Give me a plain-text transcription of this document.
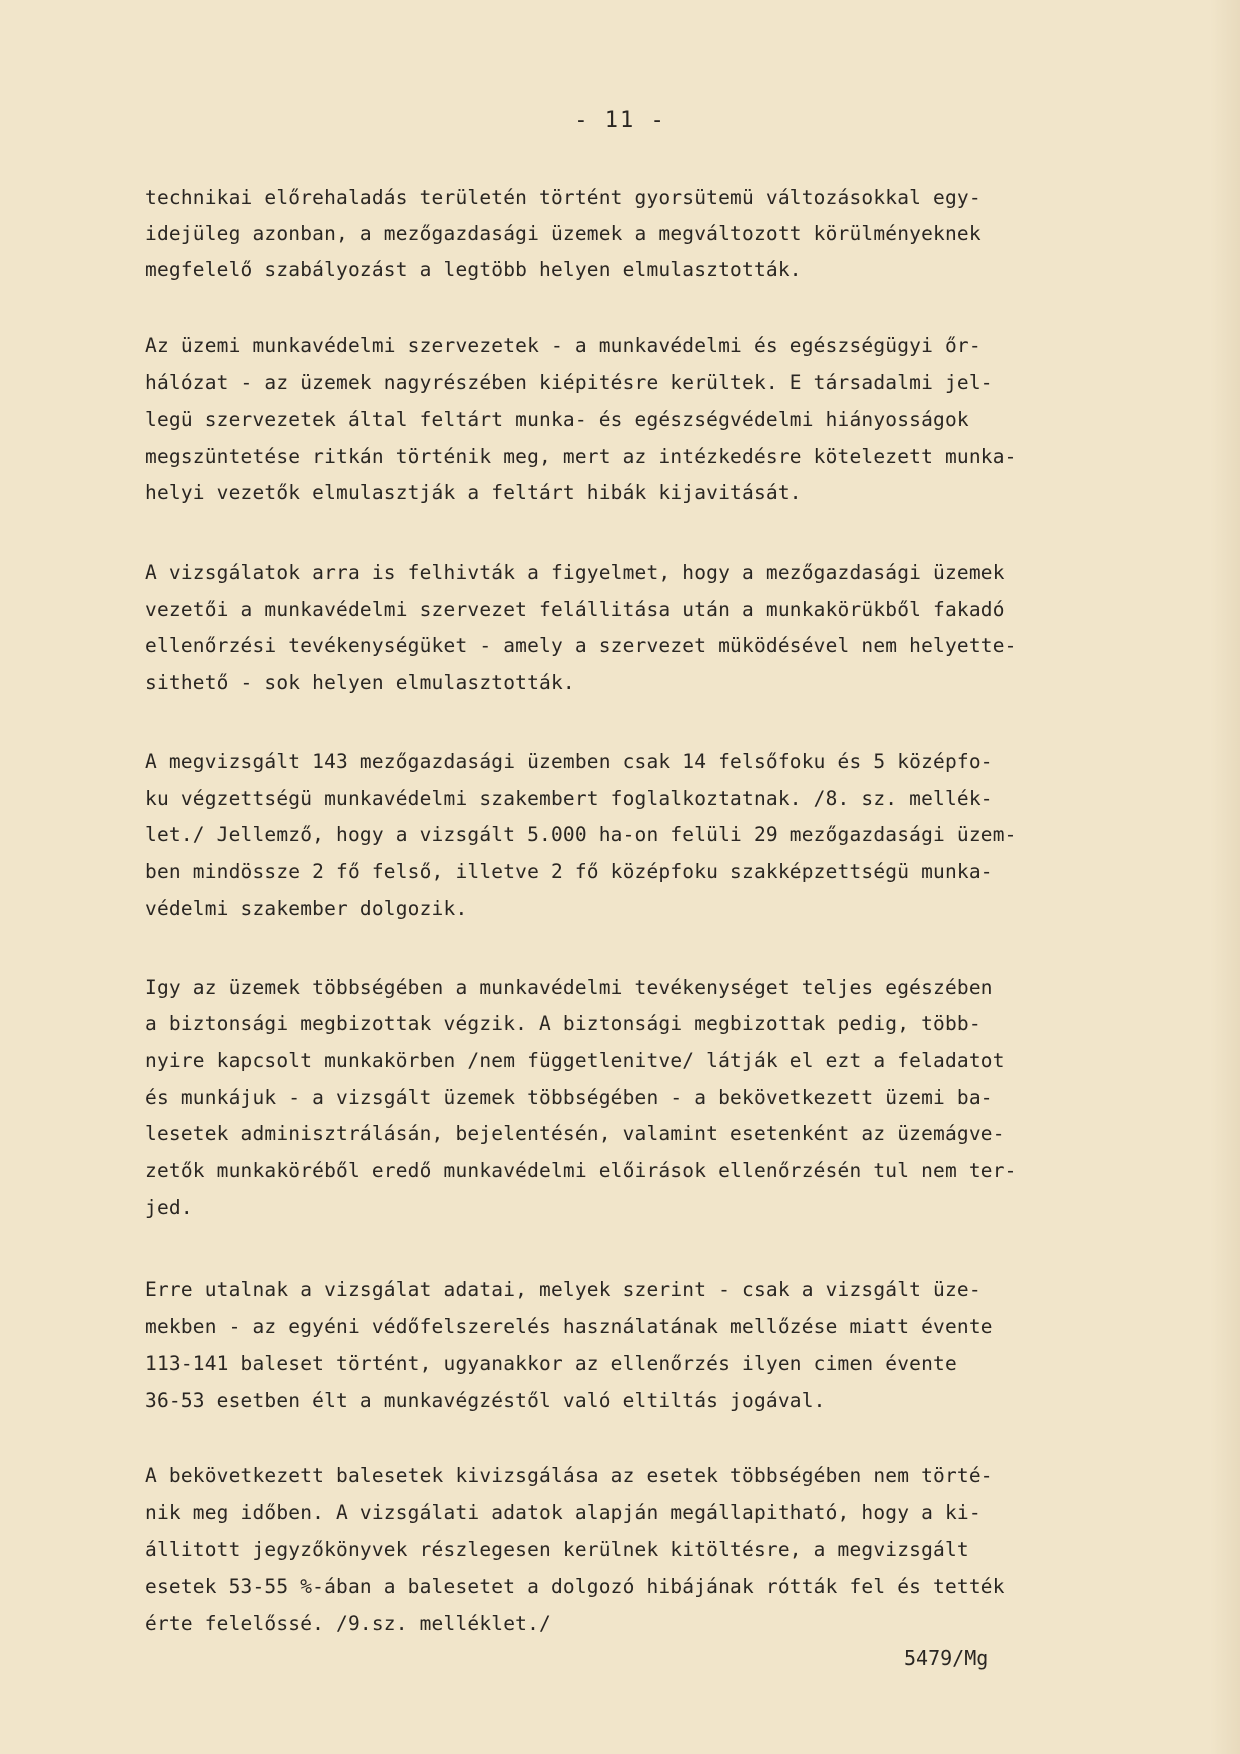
- 11 -
technikai előrehaladás területén történt gyorsütemü változásokkal egy-
idejüleg azonban, a mezőgazdasági üzemek a megváltozott körülményeknek
megfelelő szabályozást a legtöbb helyen elmulasztották.
Az üzemi munkavédelmi szervezetek - a munkavédelmi és egészségügyi őr-
hálózat - az üzemek nagyrészében kiépitésre kerültek. E társadalmi jel-
legü szervezetek által feltárt munka- és egészségvédelmi hiányosságok
megszüntetése ritkán történik meg, mert az intézkedésre kötelezett munka-
helyi vezetők elmulasztják a feltárt hibák kijavitását.
A vizsgálatok arra is felhivták a figyelmet, hogy a mezőgazdasági üzemek
vezetői a munkavédelmi szervezet felállitása után a munkakörükből fakadó
ellenőrzési tevékenységüket - amely a szervezet müködésével nem helyette-
sithető - sok helyen elmulasztották.
A megvizsgált 143 mezőgazdasági üzemben csak 14 felsőfoku és 5 középfo-
ku végzettségü munkavédelmi szakembert foglalkoztatnak. /8. sz. mellék-
let./ Jellemző, hogy a vizsgált 5.000 ha-on felüli 29 mezőgazdasági üzem-
ben mindössze 2 fő felső, illetve 2 fő középfoku szakképzettségü munka-
védelmi szakember dolgozik.
Igy az üzemek többségében a munkavédelmi tevékenységet teljes egészében
a biztonsági megbizottak végzik. A biztonsági megbizottak pedig, több-
nyire kapcsolt munkakörben /nem függetlenitve/ látják el ezt a feladatot
és munkájuk - a vizsgált üzemek többségében - a bekövetkezett üzemi ba-
lesetek adminisztrálásán, bejelentésén, valamint esetenként az üzemágve-
zetők munkaköréből eredő munkavédelmi előirások ellenőrzésén tul nem ter-
jed.
Erre utalnak a vizsgálat adatai, melyek szerint - csak a vizsgált üze-
mekben - az egyéni védőfelszerelés használatának mellőzése miatt évente
113-141 baleset történt, ugyanakkor az ellenőrzés ilyen cimen évente
36-53 esetben élt a munkavégzéstől való eltiltás jogával.
A bekövetkezett balesetek kivizsgálása az esetek többségében nem törté-
nik meg időben. A vizsgálati adatok alapján megállapitható, hogy a ki-
állitott jegyzőkönyvek részlegesen kerülnek kitöltésre, a megvizsgált
esetek 53-55 %-ában a balesetet a dolgozó hibájának rótták fel és tették
érte felelőssé. /9.sz. melléklet./
5479/Mg
